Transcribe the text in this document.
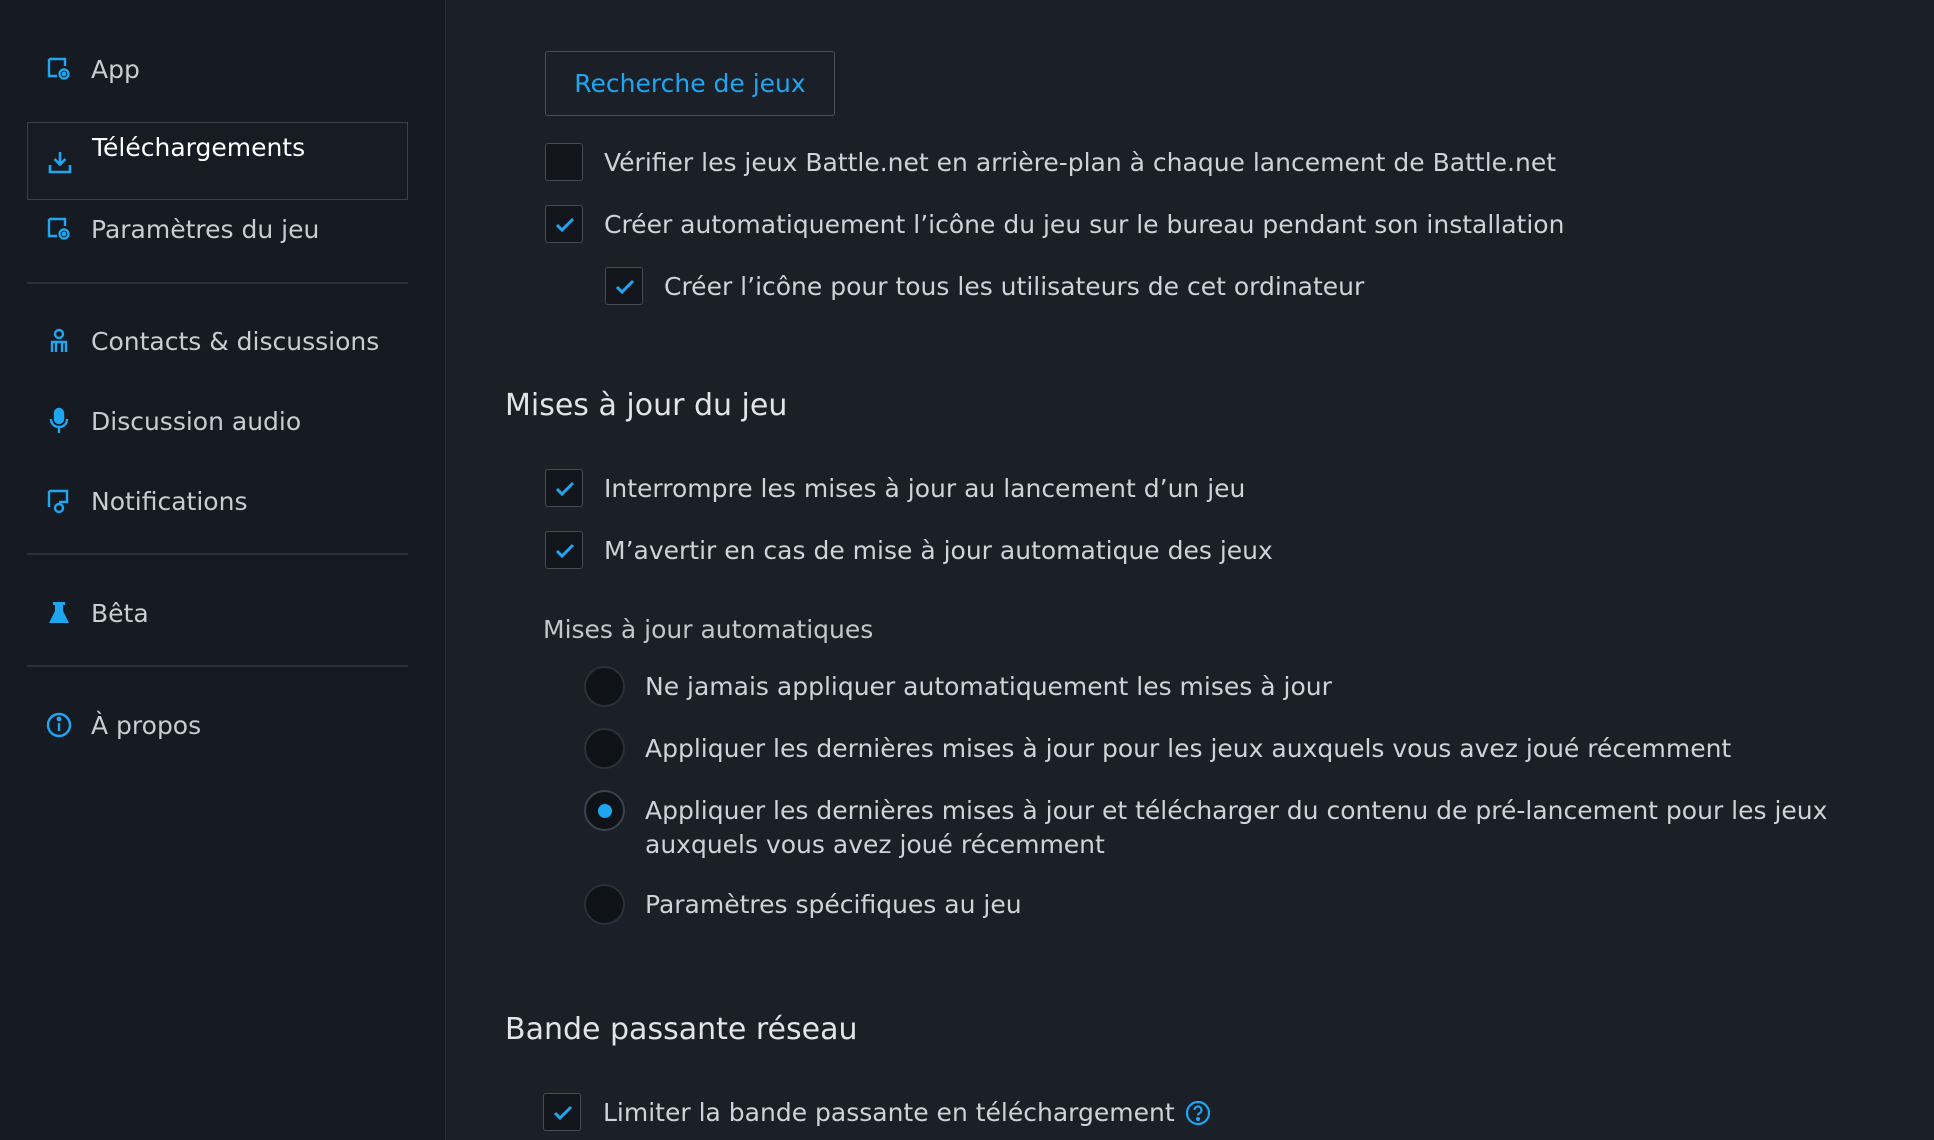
App
Téléchargements
Paramètres du jeu
Contacts & discussions
Discussion audio
Notifications
Bêta
À propos
Recherche de jeux
Vérifier les jeux Battle.net en arrière-plan à chaque lancement de Battle.net
Créer automatiquement l’icône du jeu sur le bureau pendant son installation
Créer l’icône pour tous les utilisateurs de cet ordinateur
Mises à jour du jeu
Interrompre les mises à jour au lancement d’un jeu
M’avertir en cas de mise à jour automatique des jeux
Mises à jour automatiques
Ne jamais appliquer automatiquement les mises à jour
Appliquer les dernières mises à jour pour les jeux auxquels vous avez joué récemment
Appliquer les dernières mises à jour et télécharger du contenu de pré-lancement pour les jeux auxquels vous avez joué récemment
Paramètres spécifiques au jeu
Bande passante réseau
Limiter la bande passante en téléchargement
